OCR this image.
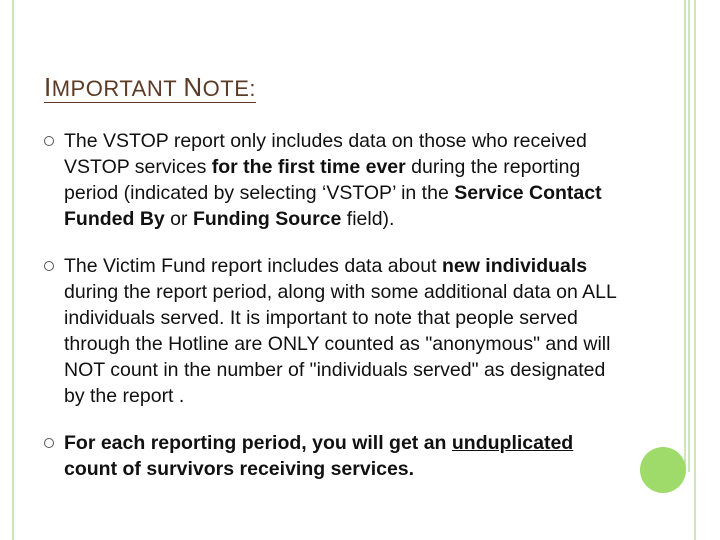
IMPORTANT NOTE:
The VSTOP report only includes data on those who received VSTOP services for the first time ever during the reporting period (indicated by selecting ‘VSTOP’ in the Service Contact Funded By or Funding Source field).
The Victim Fund report includes data about new individuals during the report period, along with some additional data on ALL individuals served. It is important to note that people served through the Hotline are ONLY counted as "anonymous" and will NOT count in the number of "individuals served" as designated by the report .
For each reporting period, you will get an unduplicated count of survivors receiving services.
